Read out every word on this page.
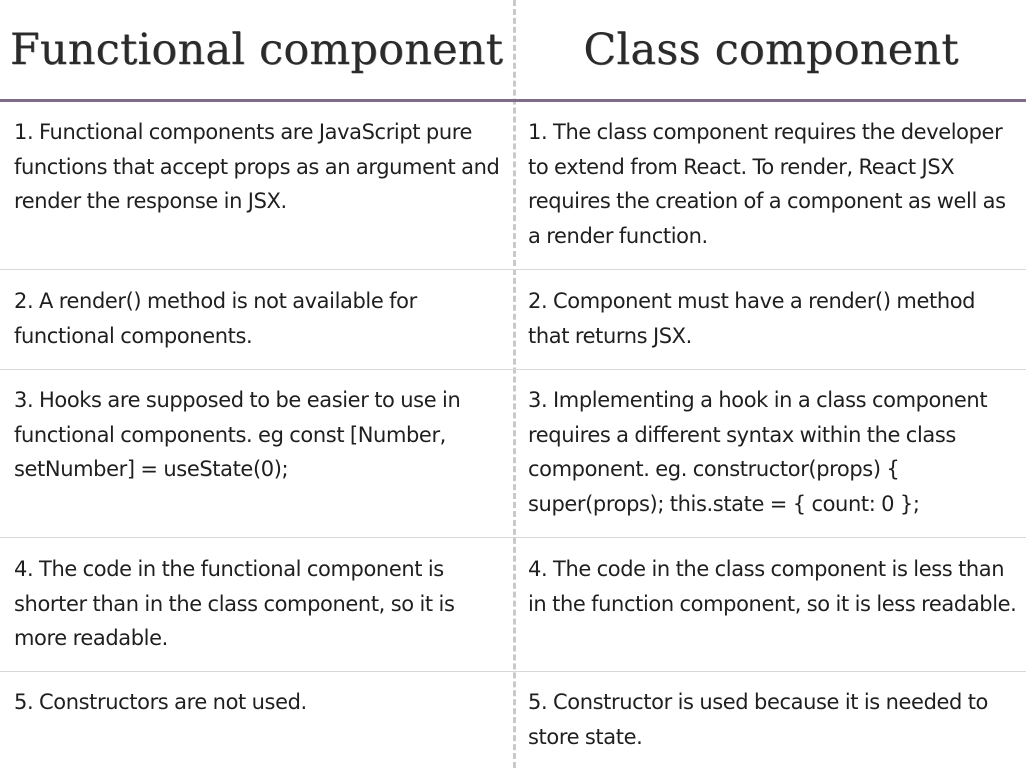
Functional component	Class component
1. Functional components are JavaScript pure functions that accept props as an argument and render the response in JSX.
1. The class component requires the developer to extend from React. To render, React JSX requires the creation of a component as well as a render function.
2. A render() method is not available for functional components.
2. Component must have a render() method that returns JSX.
3. Hooks are supposed to be easier to use in functional components. eg const [Number, setNumber] = useState(0);
3. Implementing a hook in a class component requires a different syntax within the class component. eg. constructor(props) { super(props); this.state = { count: 0 };
4. The code in the functional component is shorter than in the class component, so it is more readable.
4. The code in the class component is less than in the function component, so it is less readable.
5. Constructors are not used.	5. Constructor is used because it is needed to store state.
